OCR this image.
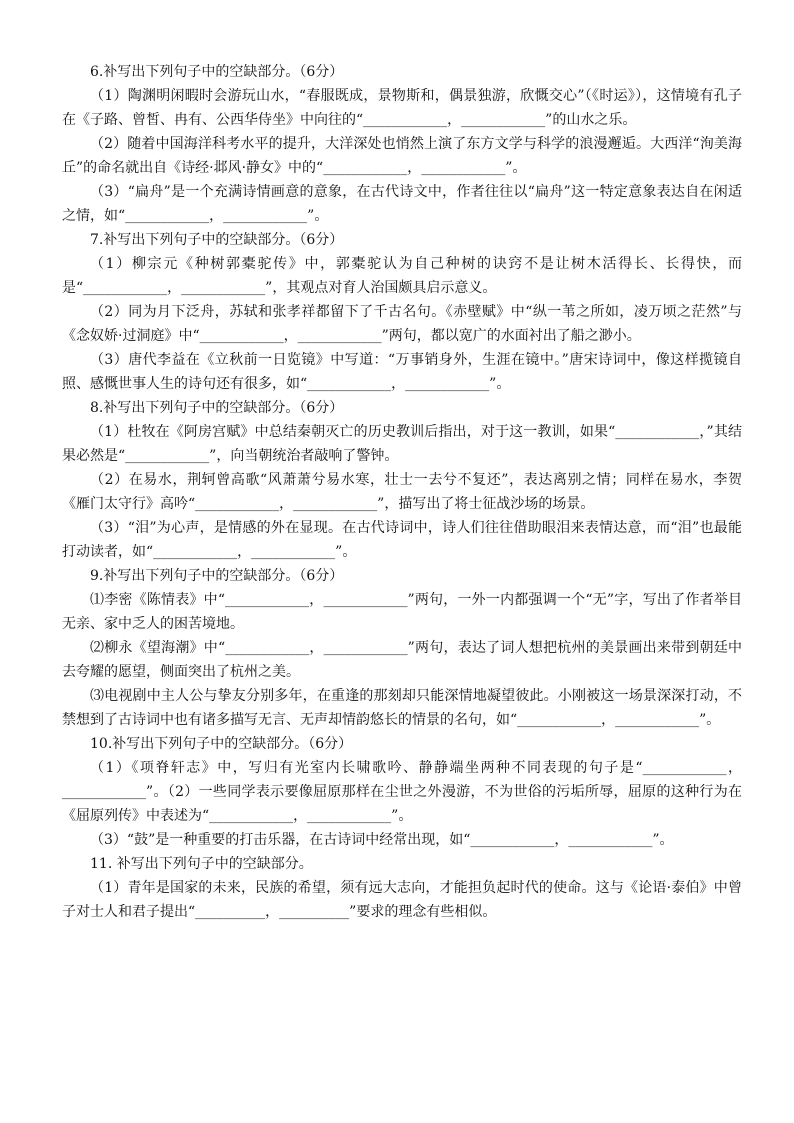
6.补写出下列句子中的空缺部分。（6分）

（1）陶渊明闲暇时会游玩山水，“春服既成，景物斯和，偶景独游，欣慨交心”（《时运》），这情境有孔子在《子路、曾皙、冉有、公西华侍坐》中向往的“____________，____________”的山水之乐。

（2）随着中国海洋科考水平的提升，大洋深处也悄然上演了东方文学与科学的浪漫邂逅。大西洋“洵美海丘”的命名就出自《诗经·邶风·静女》中的“____________，____________”。

（3）“扁舟”是一个充满诗情画意的意象，在古代诗文中，作者往往以“扁舟”这一特定意象表达自在闲适之情，如“____________，____________”。

7.补写出下列句子中的空缺部分。（6分）

（1）柳宗元《种树郭橐驼传》中，郭橐驼认为自己种树的诀窍不是让树木活得长、长得快，而是“____________，____________”，其观点对育人治国颇具启示意义。

（2）同为月下泛舟，苏轼和张孝祥都留下了千古名句。《赤壁赋》中“纵一苇之所如，凌万顷之茫然”与《念奴娇·过洞庭》中“____________，____________”两句，都以宽广的水面衬出了船之渺小。

（3）唐代李益在《立秋前一日览镜》中写道：“万事销身外，生涯在镜中。”唐宋诗词中，像这样揽镜自照、感慨世事人生的诗句还有很多，如“____________，____________”。

8.补写出下列句子中的空缺部分。（6分）

（1）杜牧在《阿房宫赋》中总结秦朝灭亡的历史教训后指出，对于这一教训，如果“____________，”其结果必然是“____________”，向当朝统治者敲响了警钟。

（2）在易水，荆轲曾高歌“风萧萧兮易水寒，壮士一去兮不复还”，表达离别之情；同样在易水，李贺《雁门太守行》高吟“____________，____________”，描写出了将士征战沙场的场景。

（3）“泪”为心声，是情感的外在显现。在古代诗词中，诗人们往往借助眼泪来表情达意，而“泪”也最能打动读者，如“____________，____________”。

9.补写出下列句子中的空缺部分。（6分）

⑴李密《陈情表》中“____________，____________”两句，一外一内都强调一个“无”字，写出了作者举目无亲、家中乏人的困苦境地。

⑵柳永《望海潮》中“____________，____________”两句，表达了词人想把杭州的美景画出来带到朝廷中去夸耀的愿望，侧面突出了杭州之美。

⑶电视剧中主人公与挚友分别多年，在重逢的那刻却只能深情地凝望彼此。小刚被这一场景深深打动，不禁想到了古诗词中也有诸多描写无言、无声却情韵悠长的情景的名句，如“____________，____________”。

10.补写出下列句子中的空缺部分。（6分）

（1）《项脊轩志》中，写归有光室内长啸歌吟、静静端坐两种不同表现的句子是“____________，____________”。（2）一些同学表示要像屈原那样在尘世之外漫游，不为世俗的污垢所辱，屈原的这种行为在《屈原列传》中表述为“____________，____________”。

（3）“鼓”是一种重要的打击乐器，在古诗词中经常出现，如“____________，____________”。

11. 补写出下列句子中的空缺部分。

（1）青年是国家的未来，民族的希望，须有远大志向，才能担负起时代的使命。这与《论语·泰伯》中曾子对士人和君子提出“__________，__________”要求的理念有些相似。
